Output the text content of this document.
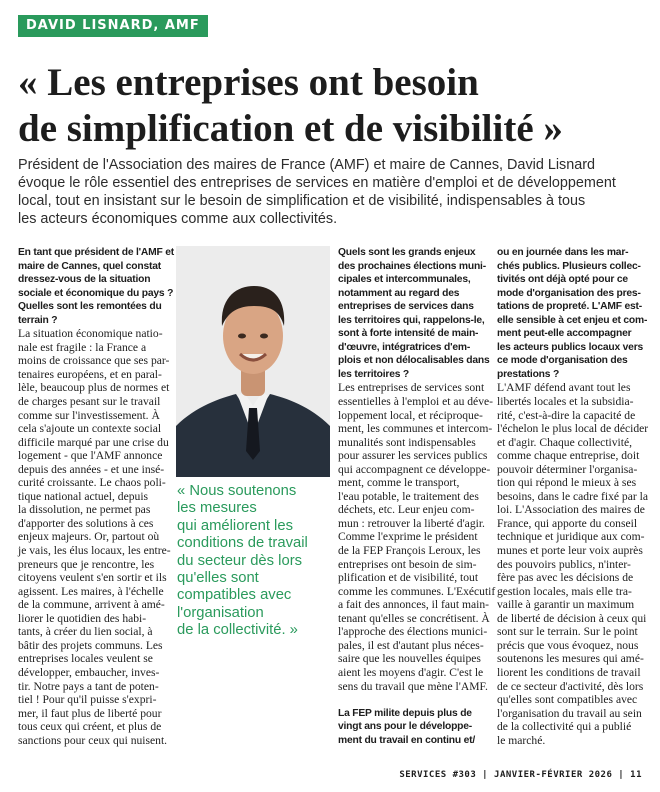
DAVID LISNARD, AMF
« Les entreprises ont besoin
de simplification et de visibilité »
Président de l'Association des maires de France (AMF) et maire de Cannes, David Lisnard
évoque le rôle essentiel des entreprises de services en matière d'emploi et de développement
local, tout en insistant sur le besoin de simplification et de visibilité, indispensables à tous
les acteurs économiques comme aux collectivités.
En tant que président de l'AMF et
maire de Cannes, quel constat
dressez-vous de la situation
sociale et économique du pays ?
Quelles sont les remontées du
terrain ?
La situation économique natio-
nale est fragile : la France a
moins de croissance que ses par-
tenaires européens, et en paral-
lèle, beaucoup plus de normes et
de charges pesant sur le travail
comme sur l'investissement. À
cela s'ajoute un contexte social
difficile marqué par une crise du
logement - que l'AMF annonce
depuis des années - et une insé-
curité croissante. Le chaos poli-
tique national actuel, depuis
la dissolution, ne permet pas
d'apporter des solutions à ces
enjeux majeurs. Or, partout où
je vais, les élus locaux, les entre-
preneurs que je rencontre, les
citoyens veulent s'en sortir et ils
agissent. Les maires, à l'échelle
de la commune, arrivent à amé-
liorer le quotidien des habi-
tants, à créer du lien social, à
bâtir des projets communs. Les
entreprises locales veulent se
développer, embaucher, inves-
tir. Notre pays a tant de poten-
tiel ! Pour qu'il puisse s'expri-
mer, il faut plus de liberté pour
tous ceux qui créent, et plus de
sanctions pour ceux qui nuisent.
« Nous soutenons
les mesures
qui améliorent les
conditions de travail
du secteur dès lors
qu'elles sont
compatibles avec
l'organisation
de la collectivité. »
Quels sont les grands enjeux
des prochaines élections muni-
cipales et intercommunales,
notamment au regard des
entreprises de services dans
les territoires qui, rappelons-le,
sont à forte intensité de main-
d'œuvre, intégratrices d'em-
plois et non délocalisables dans
les territoires ?
Les entreprises de services sont
essentielles à l'emploi et au déve-
loppement local, et réciproque-
ment, les communes et intercom-
munalités sont indispensables
pour assurer les services publics
qui accompagnent ce développe-
ment, comme le transport,
l'eau potable, le traitement des
déchets, etc. Leur enjeu com-
mun : retrouver la liberté d'agir.
Comme l'exprime le président
de la FEP François Leroux, les
entreprises ont besoin de sim-
plification et de visibilité, tout
comme les communes. L'Exécutif
a fait des annonces, il faut main-
tenant qu'elles se concrétisent. À
l'approche des élections munici-
pales, il est d'autant plus néces-
saire que les nouvelles équipes
aient les moyens d'agir. C'est le
sens du travail que mène l'AMF.
La FEP milite depuis plus de
vingt ans pour le développe-
ment du travail en continu et/
ou en journée dans les mar-
chés publics. Plusieurs collec-
tivités ont déjà opté pour ce
mode d'organisation des pres-
tations de propreté. L'AMF est-
elle sensible à cet enjeu et com-
ment peut-elle accompagner
les acteurs publics locaux vers
ce mode d'organisation des
prestations ?
L'AMF défend avant tout les
libertés locales et la subsidia-
rité, c'est-à-dire la capacité de
l'échelon le plus local de décider
et d'agir. Chaque collectivité,
comme chaque entreprise, doit
pouvoir déterminer l'organisa-
tion qui répond le mieux à ses
besoins, dans le cadre fixé par la
loi. L'Association des maires de
France, qui apporte du conseil
technique et juridique aux com-
munes et porte leur voix auprès
des pouvoirs publics, n'inter-
fère pas avec les décisions de
gestion locales, mais elle tra-
vaille à garantir un maximum
de liberté de décision à ceux qui
sont sur le terrain. Sur le point
précis que vous évoquez, nous
soutenons les mesures qui amé-
liorent les conditions de travail
de ce secteur d'activité, dès lors
qu'elles sont compatibles avec
l'organisation du travail au sein
de la collectivité qui a publié
le marché.
SERVICES #303 | JANVIER-FÉVRIER 2026 | 11
